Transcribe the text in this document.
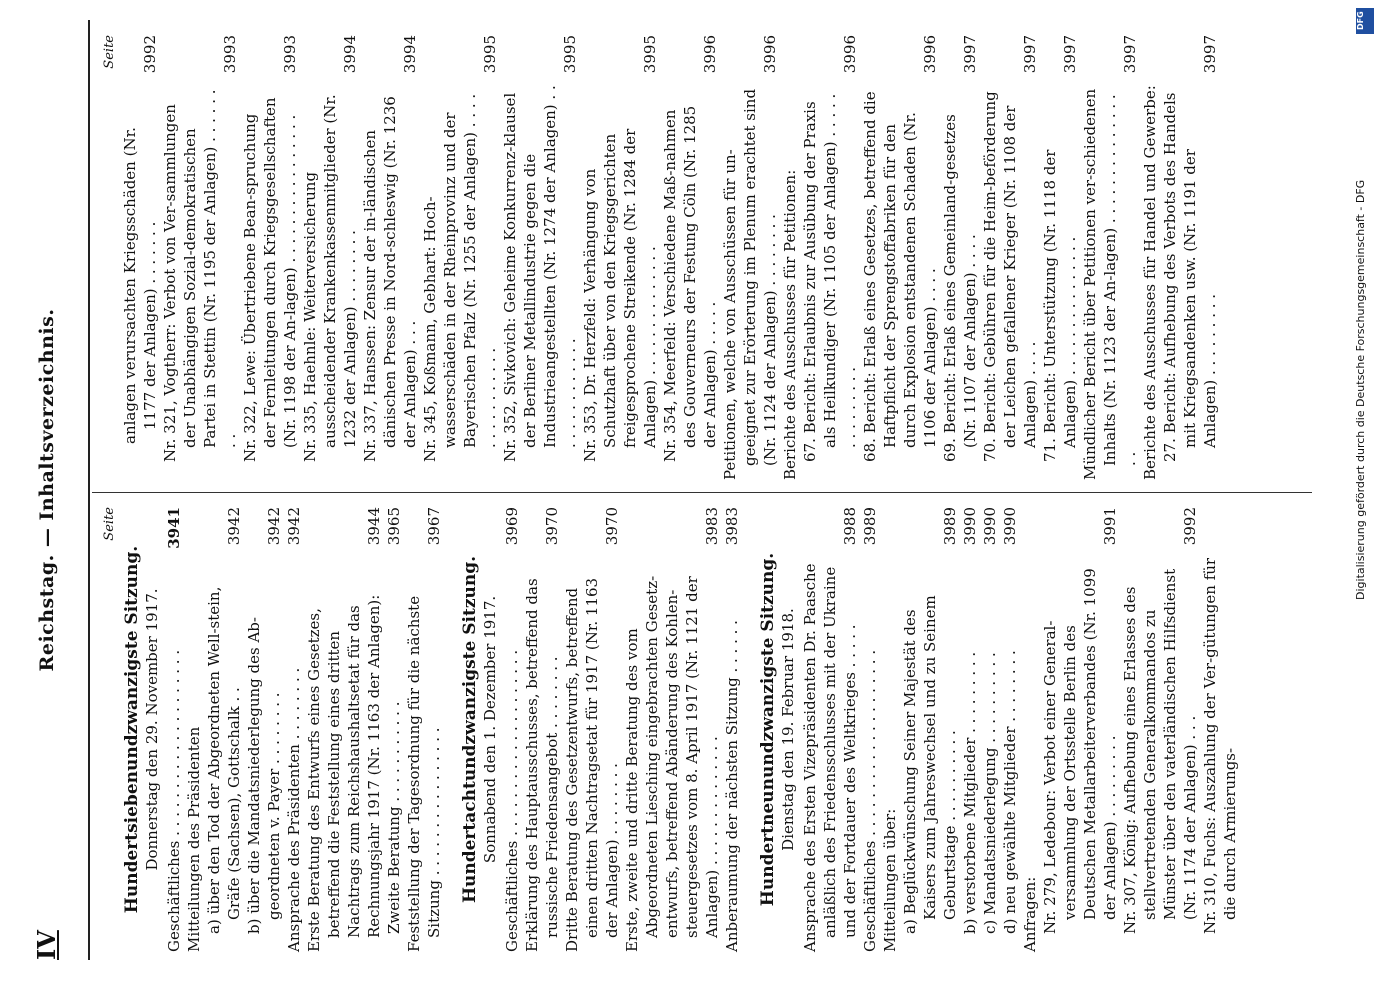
IV
Reichstag. — Inhaltsverzeichnis.	Seite
Hundertsiebenundzwanzigste Sitzung. Donnerstag den 29. November 1917. Geschäftliches . . . . . . . . . . . . . . . . . . . .
3941
Mitteilungen des Präsidenten a) über den Tod der Abgeordneten Well-stein, Gräfe (Sachsen), Gottschalk . .
3942
b) über die Mandatsniederlegung des Ab-geordneten v. Payer . . . . . . . .
3942
Ansprache des Präsidenten . . . . . . . .
3942
Erste Beratung des Entwurfs eines Gesetzes, betreffend die Feststellung eines dritten Nachtrags zum Reichshaushaltsetat für das Rechnungsjahr 1917 (Nr. 1163 der Anlagen):
3944
Zweite Beratung . . . . . . . . . . .
3965
Feststellung der Tagesordnung für die nächste Sitzung . . . . . . . . . . . . . . . .
3967
Hundertachtundzwanzigste Sitzung. Sonnabend den 1. Dezember 1917. Geschäftliches . . . . . . . . . . . . . . . . . . . .
3969
Erklärung des Hauptausschusses, betreffend das russische Friedensangebot . . . . . . . .
3970
Dritte Beratung des Gesetzentwurfs, betreffend einen dritten Nachtragsetat für 1917 (Nr. 1163 der Anlagen) . . . . . . . .
3970
Erste, zweite und dritte Beratung des vom Abgeordneten Liesching eingebrachten Gesetz-entwurfs, betreffend Abänderung des Kohlen-steuergesetzes vom 8. April 1917 (Nr. 1121 der Anlagen) . . . . . . . . . . . . . .
3983
Anberaumung der nächsten Sitzung . . . . . .
3983
Hundertneunundzwanzigste Sitzung. Dienstag den 19. Februar 1918. Ansprache des Ersten Vizepräsidenten Dr. Paasche anläßlich des Friedensschlusses mit der Ukraine und der Fortdauer des Weltkrieges . . . . .
3988
Geschäftliches . . . . . . . . . . . . . . . . . . . .
3989
Mitteilungen über: a) Beglückwünschung Seiner Majestät des Kaisers zum Jahreswechsel und zu Seinem Geburtstage . . . . . . . . . .
3989
b) verstorbene Mitglieder . . . . . . . . .
3990
c) Mandatsniederlegung . . . . . . . . . .
3990
d) neu gewählte Mitglieder . . . . . . . .
3990
Anfragen: Nr. 279, Ledebour: Verbot einer General-versammlung der Ortsstelle Berlin des Deutschen Metallarbeiterverbandes (Nr. 1099 der Anlagen) . . . . . . . . .
3991
Nr. 307, König: Aufhebung eines Erlasses des stellvertretenden Generalkommandos zu Münster über den vaterländischen Hilfsdienst (Nr. 1174 der Anlagen) . . .
3992
Nr. 310, Fuchs: Auszahlung der Ver-gütungen für die durch Armierungs-
Seite
anlagen verursachten Kriegsschäden (Nr. 1177 der Anlagen) . . . . . . .
3992
Nr. 321, Vogtherr: Verbot von Ver-sammlungen der Unabhängigen Sozial-demokratischen Partei in Stettin (Nr. 1195 der Anlagen) . . . . . . . .
3993
Nr. 322, Lewe: Übertriebene Bean-spruchung der Fernleitungen durch Kriegsgesellschaften (Nr. 1198 der An-lagen) . . . . . . . . . . . . . . . .
3993
Nr. 335, Haehnle: Weiterversicherung ausscheidender Krankenkassenmitglieder (Nr. 1232 der Anlagen) . . . . . . . .
3994
Nr. 337, Hanssen: Zensur der in-ländischen dänischen Presse in Nord-schleswig (Nr. 1236 der Anlagen) . . .
3994
Nr. 345, Koßmann, Gebhart: Hoch-wasserschäden in der Rheinprovinz und der Bayerischen Pfalz (Nr. 1255 der Anlagen) . . . . . . . . . . . . . . .
3995
Nr. 352, Sivkovich: Geheime Konkurrenz-klausel der Berliner Metallindustrie gegen die Industrieangestellten (Nr. 1274 der Anlagen) . . . . . . . . . . . . . .
3995
Nr. 353, Dr. Herzfeld: Verhängung von Schutzhaft über von den Kriegsgerichten freigesprochene Streikende (Nr. 1284 der Anlagen) . . . . . . . . . . . . . .
3995
Nr. 354, Meerfeld: Verschiedene Maß-nahmen des Gouverneurs der Festung Cöln (Nr. 1285 der Anlagen) . . . . .
3996
Petitionen, welche von Ausschüssen für un-geeignet zur Erörterung im Plenum erachtet sind (Nr. 1124 der Anlagen) . . . . . . . .
3996
Berichte des Ausschusses für Petitionen: 67. Bericht: Erlaubnis zur Ausübung der Praxis als Heilkundiger (Nr. 1105 der Anlagen) . . . . . . . . . . . . . .
3996
68. Bericht: Erlaß eines Gesetzes, betreffend die Haftpflicht der Sprengstoffabriken für den durch Explosion entstandenen Schaden (Nr. 1106 der Anlagen) . . . .
3996
69. Bericht: Erlaß eines Gemeinland-gesetzes (Nr. 1107 der Anlagen) . . . .
3997
70. Bericht: Gebühren für die Heim-beförderung der Leichen gefallener Krieger (Nr. 1108 der Anlagen) . . . .
3997
71. Bericht: Unterstützung (Nr. 1118 der Anlagen) . . . . . . . . . . . . . . .
3997
Mündlicher Bericht über Petitionen ver-schiedenen Inhalts (Nr. 1123 der An-lagen) . . . . . . . . . . . . . . . .
3997
Berichte des Ausschusses für Handel und Gewerbe: 27. Bericht: Aufhebung des Verbots des Handels mit Kriegsandenken usw. (Nr. 1191 der Anlagen) . . . . . . . . .
3997
DFG
Digitalisierung gefördert durch die Deutsche Forschungsgemeinschaft - DFG
